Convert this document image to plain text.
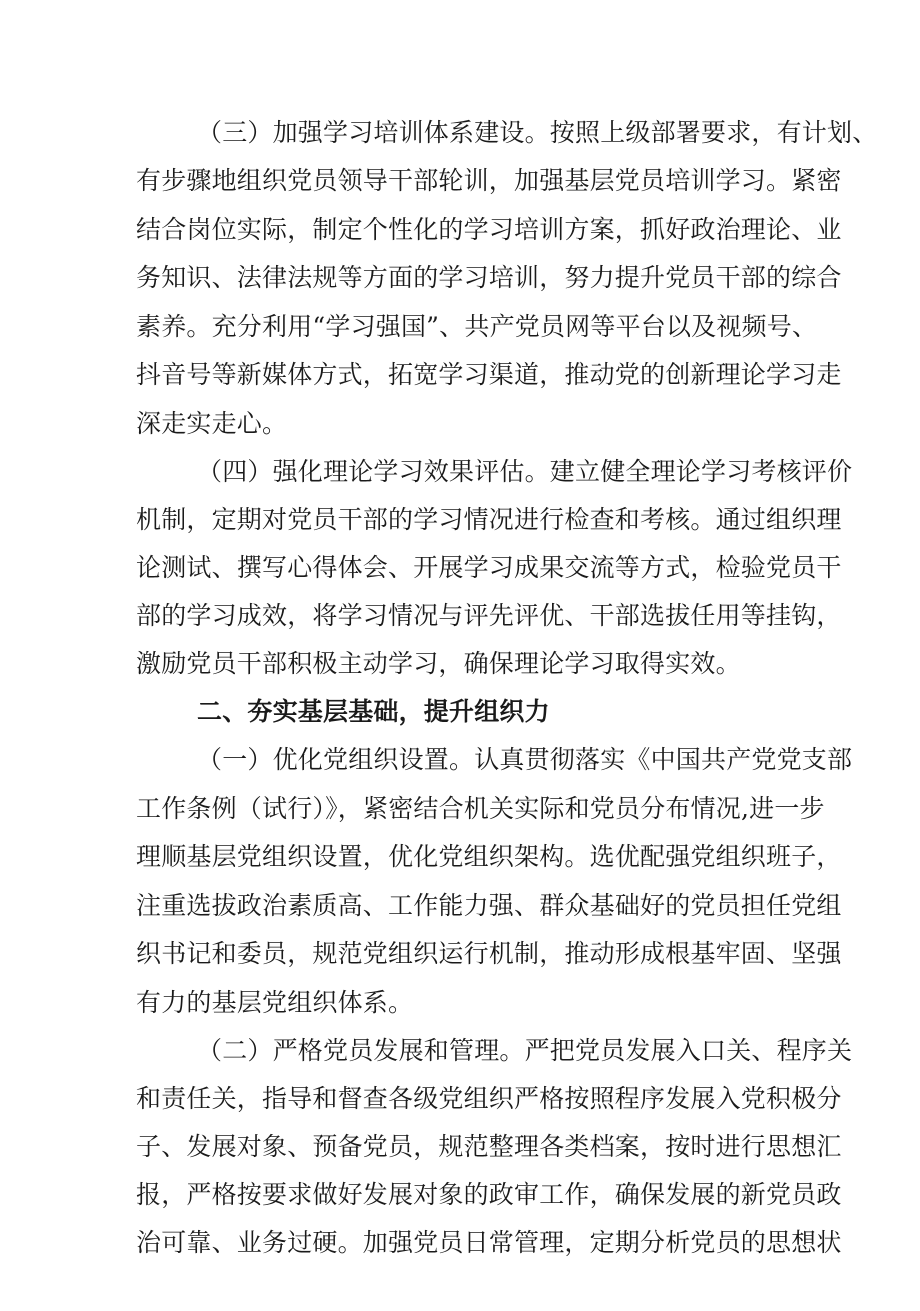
（三）加强学习培训体系建设。按照上级部署要求，有计划、
有步骤地组织党员领导干部轮训，加强基层党员培训学习。紧密
结合岗位实际，制定个性化的学习培训方案，抓好政治理论、业
务知识、法律法规等方面的学习培训，努力提升党员干部的综合
素养。充分利用“学习强国”、共产党员网等平台以及视频号、
抖音号等新媒体方式，拓宽学习渠道，推动党的创新理论学习走
深走实走心。
（四）强化理论学习效果评估。建立健全理论学习考核评价
机制，定期对党员干部的学习情况进行检查和考核。通过组织理
论测试、撰写心得体会、开展学习成果交流等方式，检验党员干
部的学习成效，将学习情况与评先评优、干部选拔任用等挂钩，
激励党员干部积极主动学习，确保理论学习取得实效。
二、夯实基层基础，提升组织力
（一）优化党组织设置。认真贯彻落实《中国共产党党支部
工作条例（试行）》，紧密结合机关实际和党员分布情况,进一步
理顺基层党组织设置，优化党组织架构。选优配强党组织班子，
注重选拔政治素质高、工作能力强、群众基础好的党员担任党组
织书记和委员，规范党组织运行机制，推动形成根基牢固、坚强
有力的基层党组织体系。
（二）严格党员发展和管理。严把党员发展入口关、程序关
和责任关，指导和督查各级党组织严格按照程序发展入党积极分
子、发展对象、预备党员，规范整理各类档案，按时进行思想汇
报，严格按要求做好发展对象的政审工作，确保发展的新党员政
治可靠、业务过硬。加强党员日常管理，定期分析党员的思想状
